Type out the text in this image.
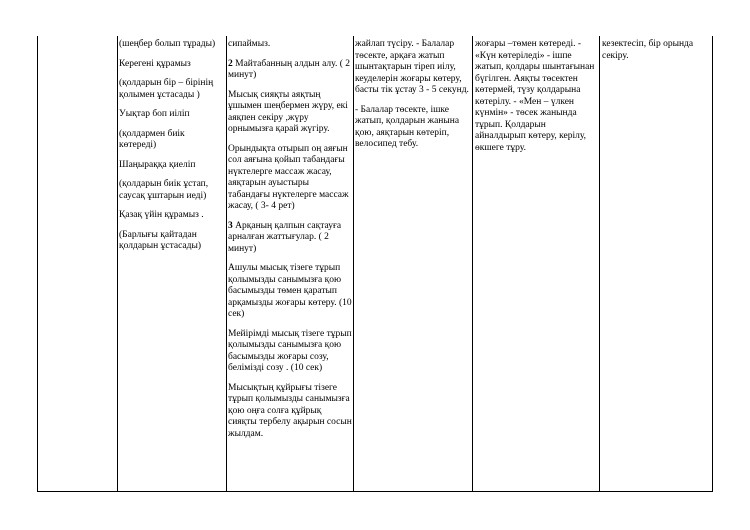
(шеңбер болып тұрады)

Керегені құрамыз

(қолдарын бір – бірінің қолымен ұстасады )

Уықтар боп иіліп

(қолдармен биік көтереді)

Шаңыраққа қиеліп

(қолдарын биік ұстап, саусақ ұштарын иеді)

Қазақ үйін құрамыз .

(Барлығы қайтадан қолдарын ұстасады)

сипаймыз.

2 Майтабанның алдын алу. ( 2 минут)

Мысық сияқты аяқтың ұшымен шеңбермен жүру, екі аяқпен секіру ,жүру орнымызға қарай жүгіру.

Орындықта отырып оң аяғын сол аяғына қойып табандағы нүктелерге массаж жасау, аяқтарын ауыстыры табандағы нүктелерге массаж жасау, ( 3- 4 рет)

3 Арқаның қалпын сақтауға арналған жаттығулар. ( 2 минут)

Ашулы мысық тізеге тұрып қолымызды санымызға қою басымызды төмен қаратып арқамызды жоғары көтеру. (10 сек)

Мейірімді мысық тізеге тұрып қолымызды санымызға қою басымызды жоғары созу, белімізді созу . (10 сек)

Мысықтың құйрығы тізеге тұрып қолымызды санымызға қою оңға солға құйрық сияқты тербелу ақырын сосын жылдам.

жайлап түсіру. - Балалар төсекте, арқаға жатып шынтақтарын тіреп иілу, кеуделерін жоғары көтеру, басты тік ұстау 3 - 5 секунд.

- Балалар төсекте, ішке жатып, қолдарын жанына қою, аяқтарын көтеріп, велосипед тебу.

жоғары –төмен көтереді. - «Күн көтеріледі» - ішпе жатып, қолдары шынтағынан бүгілген. Аяқты төсектен көтермей, түзу қолдарына көтерілу. - «Мен – үлкен күнмін» - төсек жанында тұрып. Қолдарын айналдырып көтеру, керілу, өкшеге тұру.

кезектесіп, бір орында секіру.
